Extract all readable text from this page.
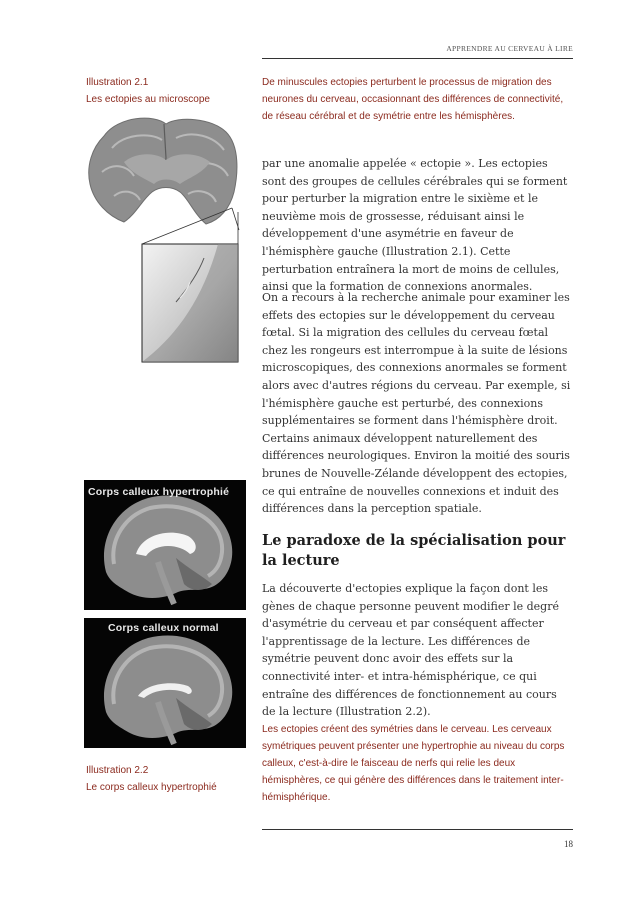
APPRENDRE AU CERVEAU À LIRE
Illustration 2.1
Les ectopies au microscope
De minuscules ectopies perturbent le processus de migration des neurones du cerveau, occasionnant des différences de connectivité, de réseau cérébral et de symétrie entre les hémisphères.
par une anomalie appelée « ectopie ». Les ectopies sont des groupes de cellules cérébrales qui se forment pour perturber la migration entre le sixième et le neuvième mois de grossesse, réduisant ainsi le développement d'une asymétrie en faveur de l'hémisphère gauche (Illustration 2.1). Cette perturbation entraînera la mort de moins de cellules, ainsi que la formation de connexions anormales.
On a recours à la recherche animale pour examiner les effets des ectopies sur le développement du cerveau fœtal. Si la migration des cellules du cerveau fœtal chez les rongeurs est interrompue à la suite de lésions microscopiques, des connexions anormales se forment alors avec d'autres régions du cerveau. Par exemple, si l'hémisphère gauche est perturbé, des connexions supplémentaires se forment dans l'hémisphère droit. Certains animaux développent naturellement des différences neurologiques. Environ la moitié des souris brunes de Nouvelle-Zélande développent des ectopies, ce qui entraîne de nouvelles connexions et induit des différences dans la perception spatiale.
Le paradoxe de la spécialisation pour la lecture
La découverte d'ectopies explique la façon dont les gènes de chaque personne peuvent modifier le degré d'asymétrie du cerveau et par conséquent affecter l'apprentissage de la lecture. Les différences de symétrie peuvent donc avoir des effets sur la connectivité inter- et intra-hémisphérique, ce qui entraîne des différences de fonctionnement au cours de la lecture (Illustration 2.2).
Corps calleux hypertrophié
Corps calleux normal
Illustration 2.2
Le corps calleux hypertrophié
Les ectopies créent des symétries dans le cerveau. Les cerveaux symétriques peuvent présenter une hypertrophie au niveau du corps calleux, c'est-à-dire le faisceau de nerfs qui relie les deux hémisphères, ce qui génère des différences dans le traitement inter-hémisphérique.
18
